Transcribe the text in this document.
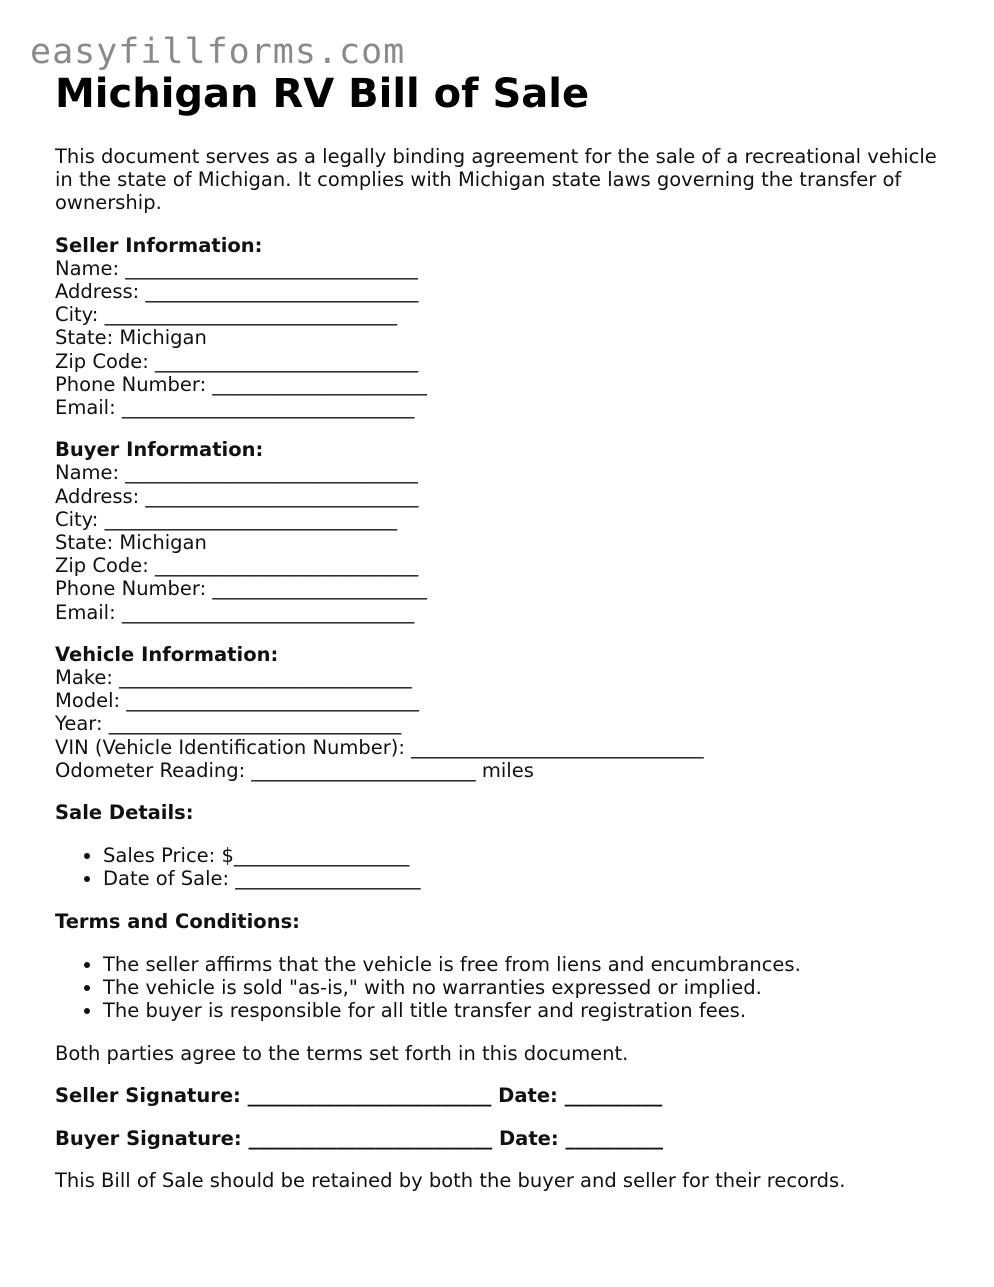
easyfillforms.com
Michigan RV Bill of Sale

This document serves as a legally binding agreement for the sale of a recreational vehicle in the state of Michigan. It complies with Michigan state laws governing the transfer of ownership.

Seller Information:
Name: ______________________________
Address: ____________________________
City: ______________________________
State: Michigan
Zip Code: ___________________________
Phone Number: ______________________
Email: ______________________________
Buyer Information:
Name: ______________________________
Address: ____________________________
City: ______________________________
State: Michigan
Zip Code: ___________________________
Phone Number: ______________________
Email: ______________________________
Vehicle Information:
Make: ______________________________
Model: ______________________________
Year: ______________________________
VIN (Vehicle Identification Number): ______________________________
Odometer Reading: _______________________ miles
Sale Details:
• Sales Price: $__________________
• Date of Sale: ___________________
Terms and Conditions:
• The seller affirms that the vehicle is free from liens and encumbrances.
• The vehicle is sold "as-is," with no warranties expressed or implied.
• The buyer is responsible for all title transfer and registration fees.
Both parties agree to the terms set forth in this document.
Seller Signature: _________________________ Date: __________
Buyer Signature: _________________________ Date: __________
This Bill of Sale should be retained by both the buyer and seller for their records.
